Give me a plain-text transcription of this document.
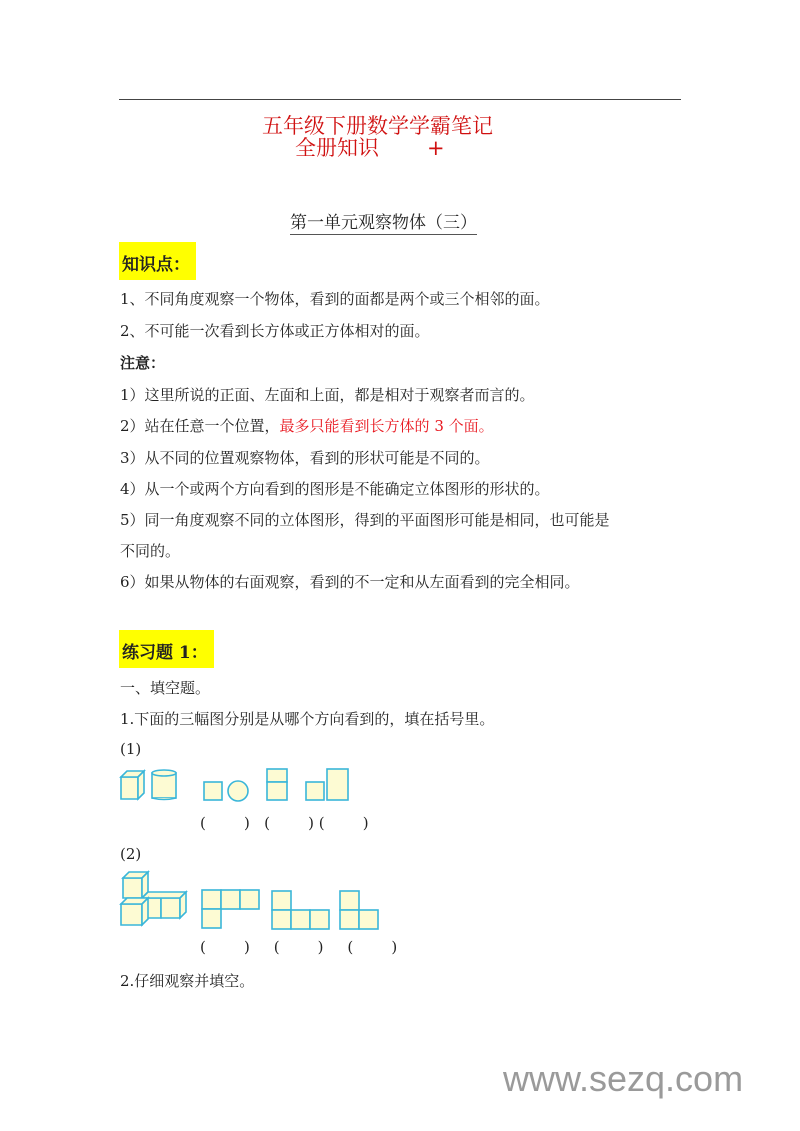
五年级下册数学学霸笔记
全册知识 +
第一单元观察物体（三）
知识点：
1、不同角度观察一个物体，看到的面都是两个或三个相邻的面。
2、不可能一次看到长方体或正方体相对的面。
注意：
1）这里所说的正面、左面和上面，都是相对于观察者而言的。
2）站在任意一个位置，最多只能看到长方体的 3 个面。
3）从不同的位置观察物体，看到的形状可能是不同的。
4）从一个或两个方向看到的图形是不能确定立体图形的形状的。
5）同一角度观察不同的立体图形，得到的平面图形可能是相同，也可能是
不同的。
6）如果从物体的右面观察，看到的不一定和从左面看到的完全相同。
练习题 1：
一、填空题。
1.下面的三幅图分别是从哪个方向看到的，填在括号里。
(1)
(        )   (        ) (        )
(2)
(        )     (        )     (        )
2.仔细观察并填空。
www.sezq.com
